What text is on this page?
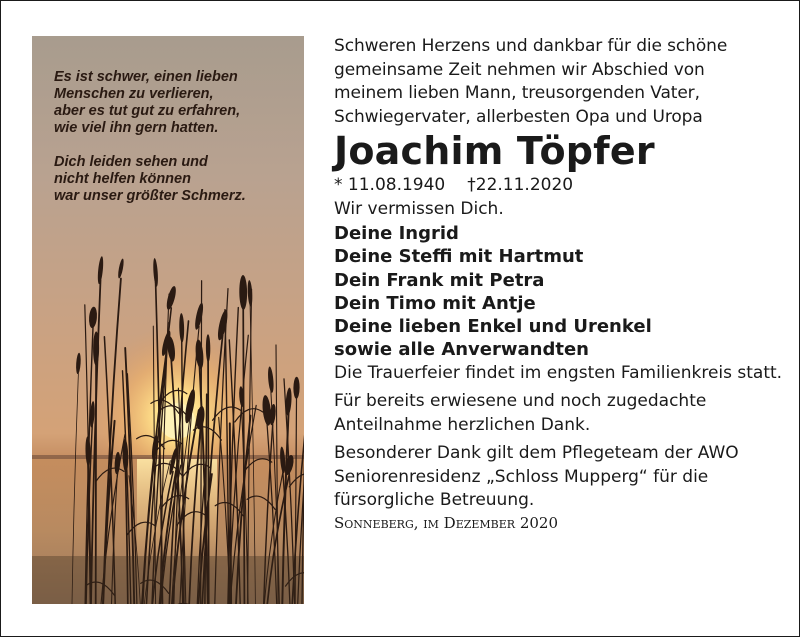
Es ist schwer, einen lieben
Menschen zu verlieren,
aber es tut gut zu erfahren,
wie viel ihn gern hatten.
Dich leiden sehen und
nicht helfen können
war unser größter Schmerz.

Schweren Herzens und dankbar für die schöne

gemeinsame Zeit nehmen wir Abschied von

meinem lieben Mann, treusorgenden Vater,

Schwiegervater, allerbesten Opa und Uropa

Joachim Töpfer

* 11.08.1940 †22.11.2020

Wir vermissen Dich.

Deine Ingrid

Deine Steffi mit Hartmut

Dein Frank mit Petra

Dein Timo mit Antje

Deine lieben Enkel und Urenkel

sowie alle Anverwandten

Die Trauerfeier findet im engsten Familienkreis statt.

Für bereits erwiesene und noch zugedachte

Anteilnahme herzlichen Dank.

Besonderer Dank gilt dem Pflegeteam der AWO

Seniorenresidenz „Schloss Mupperg“ für die

fürsorgliche Betreuung.

Sonneberg, im Dezember 2020
